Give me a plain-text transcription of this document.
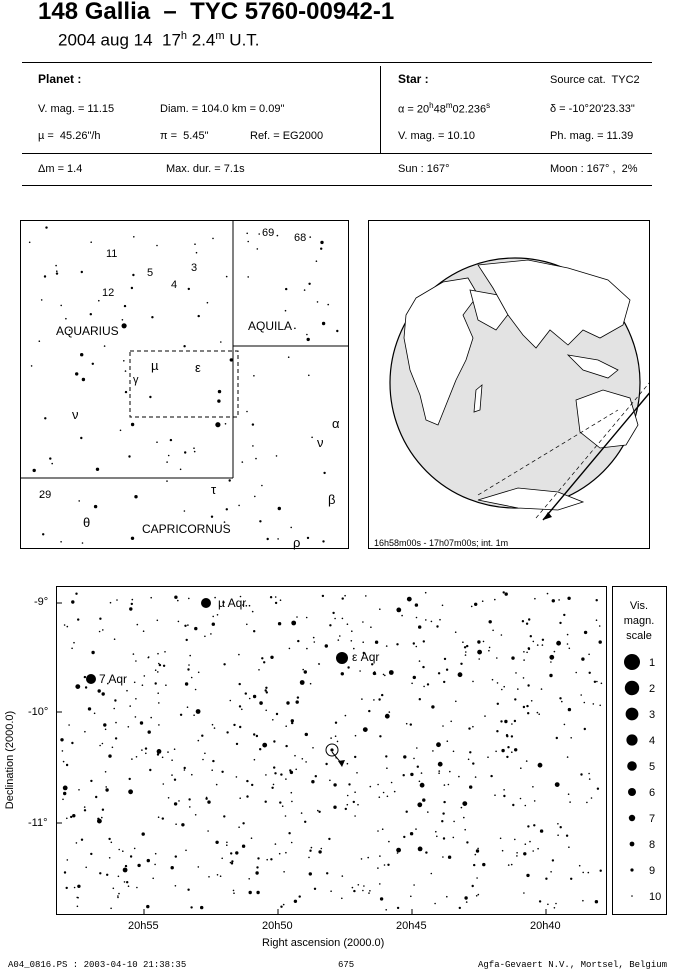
148 Gallia  –  TYC 5760-00942-1
2004 aug 14  17$^h$ 2.4$^m$ U.T.
Planet :
V. mag. = 11.15	Diam. = 104.0 km = 0.09"
µ =  45.26"/h	π =  5.45"	Ref. = EG2000
Star :	Source cat.  TYC2
$\alpha = 20^h48^m02.236^s$	δ = -10°20'23.33"
V. mag. = 10.10	Ph. mag. = 11.39
Δm = 1.4	Max. dur. = 7.1s	Sun : 167°	Moon : 167° ,  2%
AQUARIUS	AQUILA
CAPRICORNUS
11
12
5
4
3
69 68
29
µ	ε
γ
ν
ν
α
β
τ
θ
ρ	16h58m00s - 17h07m00s; int. 1m
Declination (2000.0)
µ Aqr
ε Aqr
7 Aqr
-9°
-10°
-11°
20h55	20h50	20h45	20h40
Right ascension (2000.0)
Vis.
magn.
scale
1
2
3
4
5
6
7
8
9
10
A04_0816.PS : 2003-04-10 21:38:35	675	Agfa-Gevaert N.V., Mortsel, Belgium
